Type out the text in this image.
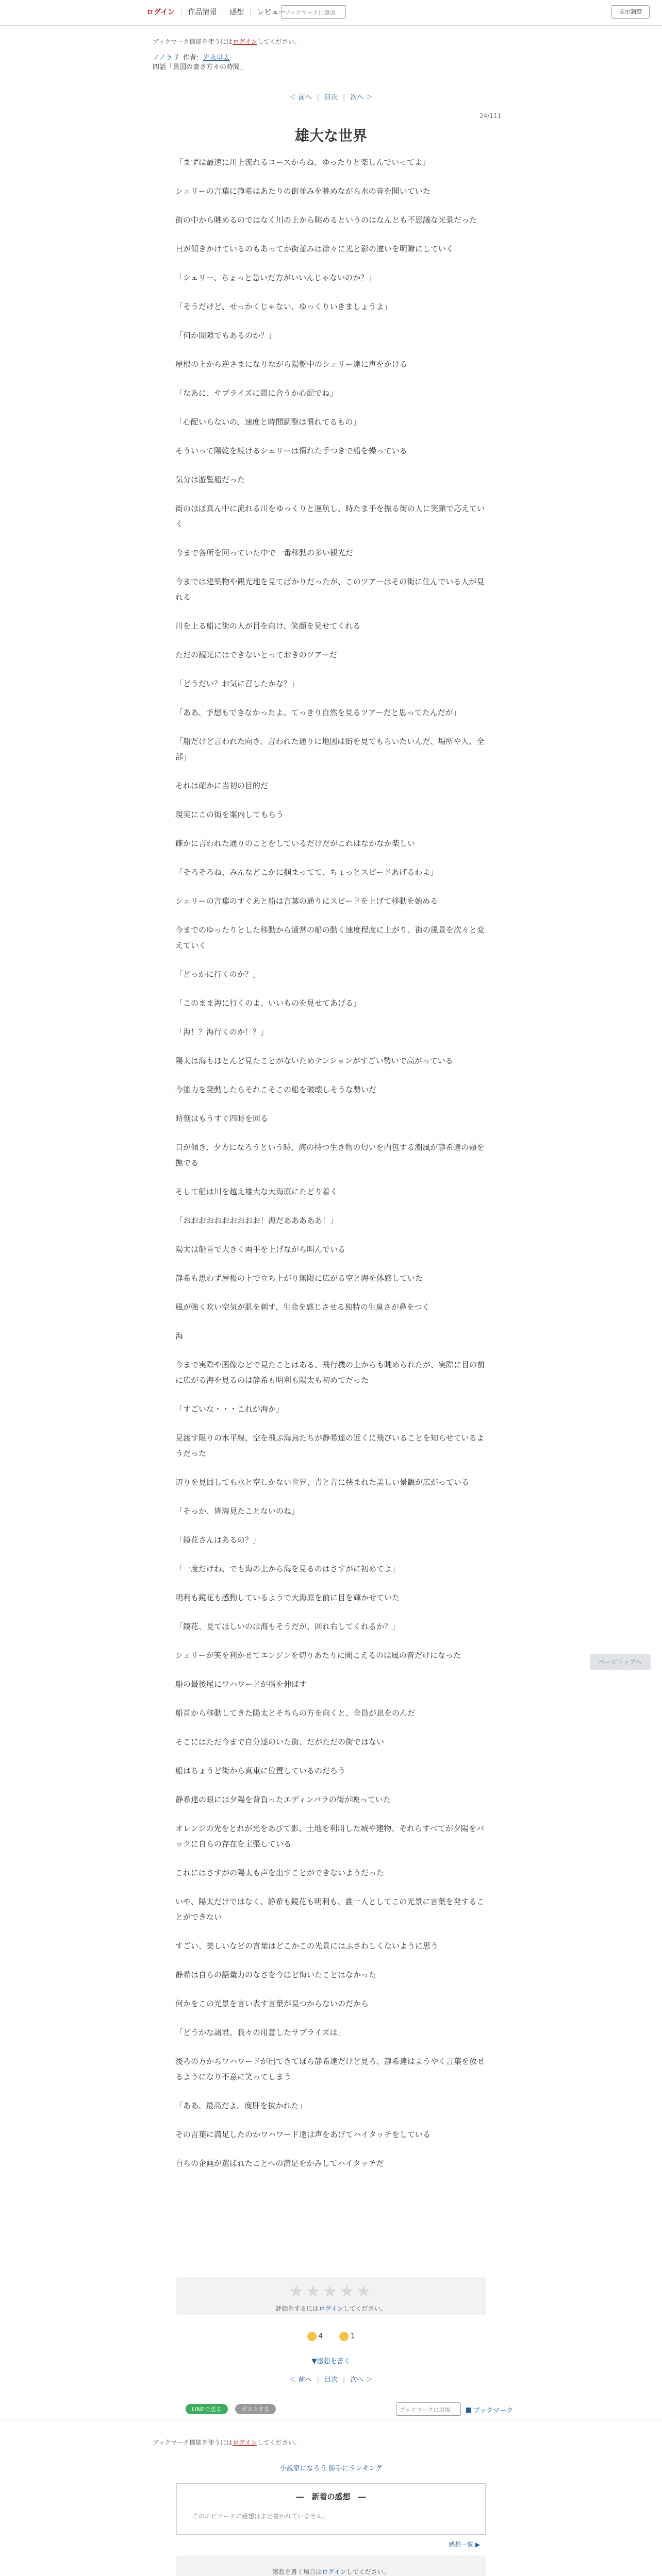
ログイン	作品情報	感想	レビュー
ブックマークに追加	表示調整
ブックマーク機能を使うにはログインしてください。
ノノラ 7 作者：光永早太
四話「異国の妻さ方々の時間」
＜ 前へ | 目次 | 次へ ＞
24/111
雄大な世界

「まずは最速に川上流れるコースからね、ゆったりと楽しんでいってよ」

シェリーの言葉に静希はあたりの街並みを眺めながら水の音を聞いていた

街の中から眺めるのではなく川の上から眺めるというのはなんとも不思議な光景だった

日が傾きかけているのもあってか街並みは徐々に光と影の違いを明瞭にしていく

「シェリー、ちょっと急いだ方がいいんじゃないのか？」

「そうだけど、せっかくじゃない、ゆっくりいきましょうよ」

「何か間隙でもあるのか？」

屋根の上から逆さまになりながら陽乾中のシェリー達に声をかける

「なあに、サプライズに間に合うか心配でね」

「心配いらないの、速度と時間調整は慣れてるもの」

そういって陽乾を続けるシェリーは慣れた手つきで船を操っている

気分は遊覧船だった

街のほぼ真ん中に流れる川をゆっくりと運航し、時たま手を振る街の人に笑顔で応えていく

今まで各所を回っていた中で一番移動の多い観光だ

今までは建築物や観光地を見てばかりだったが、このツアーはその街に住んでいる人が見れる

川を上る船に街の人が目を向け、笑顔を見せてくれる

ただの観光にはできないとっておきのツアーだ

「どうだい？お気に召したかな？」

「ああ、予想もできなかったよ。てっきり自然を見るツアーだと思ってたんだが」

「船だけど言われた向き、言われた通りに地図は街を見てもらいたいんだ、場所や人、全部」

それは確かに当初の目的だ

現実にこの街を案内してもらう

確かに言われた通りのことをしているだけだがこれはなかなか楽しい

「そろそろね、みんなどこかに掴まってて、ちょっとスピードあげるわよ」

シェリーの言葉のすぐあと船は言葉の通りにスピードを上げて移動を始める

今までのゆったりとした移動から通常の船の動く速度程度に上がり、街の風景を次々と変えていく

「どっかに行くのか？」

「このまま海に行くのよ、いいものを見せてあげる」

「海！？海行くのか！？」

陽太は海もほとんど見たことがないためテンションがすごい勢いで高がっている

今能力を発動したらそれこそこの船を破壊しそうな勢いだ

時刻はもうすぐ四時を回る

日が傾き、夕方になろうという時、海の持つ生き物の匂いを内包する潮風が静希達の頬を撫でる

そして船は川を越え雄大な大海原にたどり着く

「おおおおおおおおおお！海だあああああ！」

陽太は船首で大きく両手を上げながら叫んでいる

静希も思わず屋根の上で立ち上がり無限に広がる空と海を体感していた

風が強く吹い空気が肌を刺す、生命を感じさせる独特の生臭さが鼻をつく

海

今まで実際や画像などで見たことはある、飛行機の上からも眺められたが、実際に目の前に広がる海を見るのは静希も明利も陽太も初めてだった

「すごいな・・・これが海か」

見渡す限りの水平線、空を飛ぶ海鳥たちが静希達の近くに飛びいることを知らせているようだった

辺りを見回しても水と空しかない世界、青と青に挟まれた美しい景観が広がっている

「そっか、皆海見たことないのね」

「鏡花さんはあるの？」

「一度だけね、でも海の上から海を見るのはさすがに初めてよ」

明利も鏡花も感動しているようで大海原を前に目を輝かせていた

「鏡花、見てほしいのは海もそうだが、回れ右してくれるか？」

シェリーが笑を利かせてエンジンを切りあたりに聞こえるのは風の音だけになった

船の最後尾にワハワードが指を伸ばす

船首から移動してきた陽太とそちらの方を向くと、全員が息をのんだ

そこにはただ今まで自分達のいた街、だがただの街ではない

船はちょうど街から真東に位置しているのだろう

静希達の眼には夕陽を背負ったエディンバラの街が映っていた

オレンジの光をとれが光をあびて影、土地を利用した城や建物、それらすべてが夕陽をバックに自らの存在を主張している

これにはさすがの陽太も声を出すことができないようだった

いや、陽太だけではなく、静希も鏡花も明利も、誰一人としてこの光景に言葉を発することができない

すごい、美しいなどの言葉はどこかこの光景にはふさわしくないように思う

静希は自らの語彙力のなさを今ほど悔いたことはなかった

何かをこの光景を言い表す言葉が見つからないのだから

「どうかな諸君、我々の用意したサプライズは」

後ろの方からワハワードが出てきてほら静希達だけど見ろ、静希達はようやく言葉を放せるようになり不意に笑ってしまう

「ああ、最高だよ。度肝を抜かれた」

その言葉に満足したのかワハワード達は声をあげてハイタッチをしている

自らの企画が選ばれたことへの満足をかみしてハイタッチだ

ページトップへ
★★★★★
評価をするにはログインしてください。
4	1
▼感想を書く
＜ 前へ | 目次 | 次へ ＞
LINEで送る	ポストする	ブックマークに追加	ブックマーク
ブックマーク機能を使うにはログインしてください。
小説家になろう 勝手にランキング
―　新着の感想　―
このエピソードに感想はまだ書かれていません。
感想一覧 ▶
感想を書く場合はログインしてください。
